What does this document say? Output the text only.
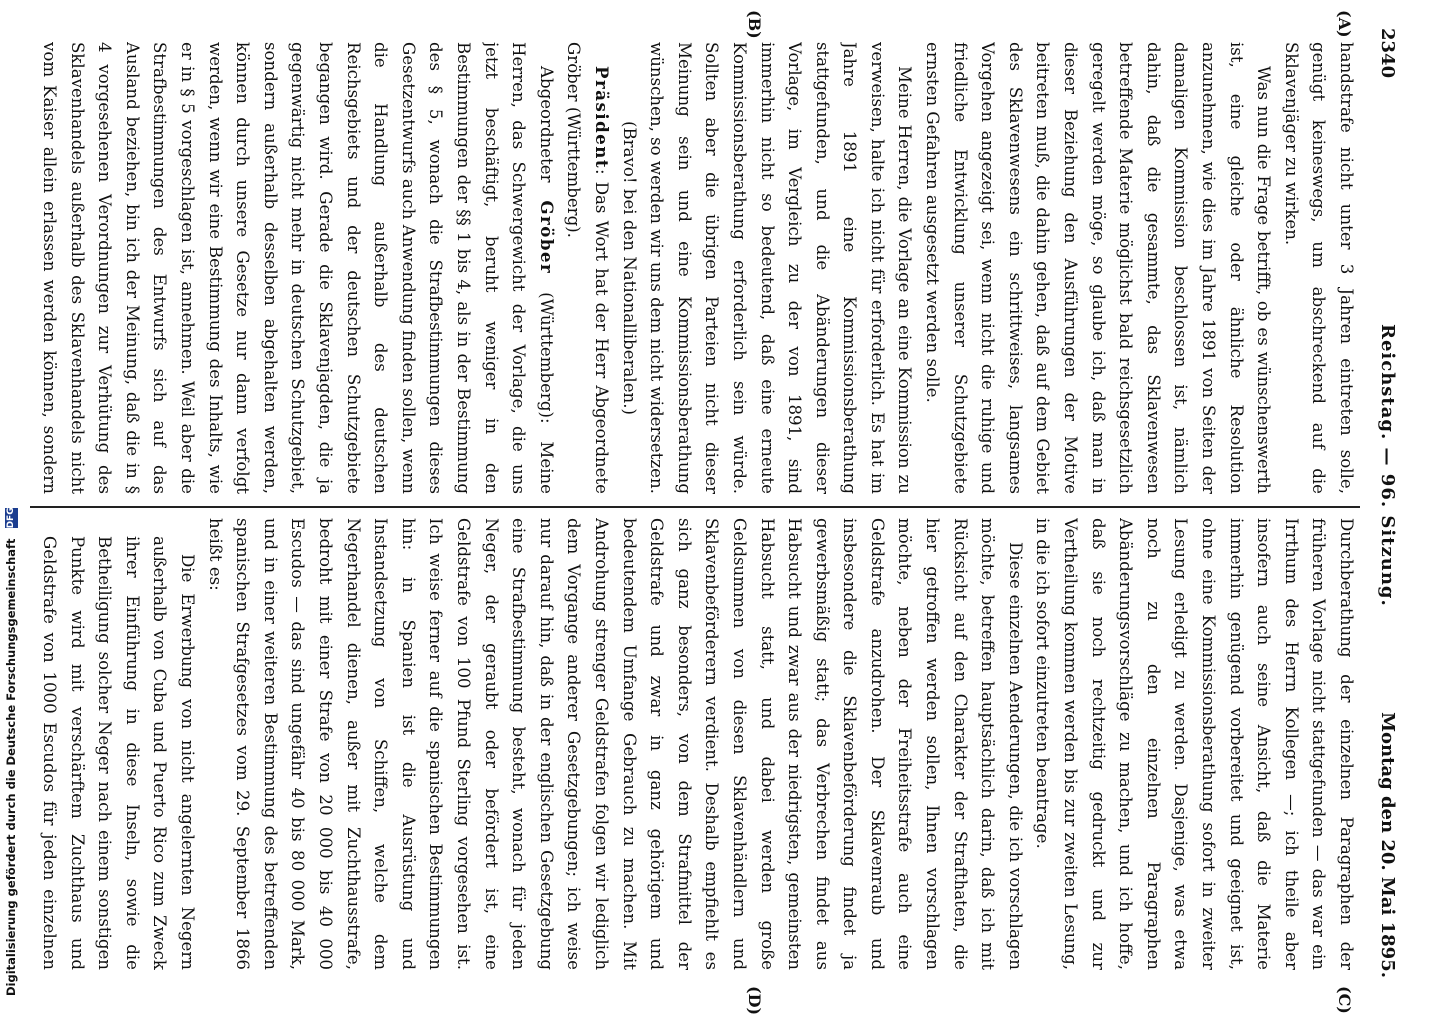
2340
Reichstag. — 96. Sitzung.
Montag den 20. Mai 1895.
(A)
(B)
(C)
(D)

handstrafe nicht unter 3 Jahren eintreten solle, genügt keineswegs, um abschreckend auf die Sklavenjäger zu wirken.

Was nun die Frage betrifft, ob es wünschenswerth ist, eine gleiche oder ähnliche Resolution anzunehmen, wie dies im Jahre 1891 von Seiten der damaligen Kommission beschlossen ist, nämlich dahin, daß die gesammte, das Sklavenwesen betreffende Materie möglichst bald reichsgesetzlich geregelt werden möge, so glaube ich, daß man in dieser Beziehung den Ausführungen der Motive beitreten muß, die dahin gehen, daß auf dem Gebiet des Sklavenwesens ein schrittweises, langsames Vorgehen angezeigt sei, wenn nicht die ruhige und friedliche Entwicklung unserer Schutzgebiete ernsten Gefahren ausgesetzt werden solle.

Meine Herren, die Vorlage an eine Kommission zu verweisen, halte ich nicht für erforderlich. Es hat im Jahre 1891 eine Kommissionsberathung stattgefunden, und die Abänderungen dieser Vorlage, im Vergleich zu der von 1891, sind immerhin nicht so bedeutend, daß eine erneute Kommissionsberathung erforderlich sein würde. Sollten aber die übrigen Parteien nicht dieser Meinung sein und eine Kommissionsberathung wünschen, so werden wir uns dem nicht widersetzen.

(Bravo! bei den Nationalliberalen.)

Präsident: Das Wort hat der Herr Abgeordnete Gröber (Württemberg).

Abgeordneter Gröber (Württemberg): Meine Herren, das Schwergewicht der Vorlage, die uns jetzt beschäftigt, beruht weniger in den Bestimmungen der §§ 1 bis 4, als in der Bestimmung des § 5, wonach die Strafbestimmungen dieses Gesetzentwurfs auch Anwendung finden sollen, wenn die Handlung außerhalb des deutschen Reichsgebiets und der deutschen Schutzgebiete begangen wird. Gerade die Sklavenjagden, die ja gegenwärtig nicht mehr in deutschen Schutzgebiet, sondern außerhalb desselben abgehalten werden, können durch unsere Gesetze nur dann verfolgt werden, wenn wir eine Bestimmung des Inhalts, wie er in § 5 vorgeschlagen ist, annehmen. Weil aber die Strafbestimmungen des Entwurfs sich auf das Ausland beziehen, bin ich der Meinung, daß die in § 4 vorgesehenen Verordnungen zur Verhütung des Sklavenhandels außerhalb des Sklavenhandels nicht vom Kaiser allein erlassen werden können, sondern

Durchberathung der einzelnen Paragraphen der früheren Vorlage nicht stattgefunden — das war ein Irrthum des Herrn Kollegen —; ich theile aber insofern auch seine Ansicht, daß die Materie immerhin genügend vorbereitet und geeignet ist, ohne eine Kommissionsberathung sofort in zweiter Lesung erledigt zu werden. Dasjenige, was etwa noch zu den einzelnen Paragraphen Abänderungsvorschläge zu machen, und ich hoffe, daß sie noch rechtzeitig gedruckt und zur Vertheilung kommen werden bis zur zweiten Lesung, in die ich sofort einzutreten beantrage.

Diese einzelnen Aenderungen, die ich vorschlagen möchte, betreffen hauptsächlich darin, daß ich mit Rücksicht auf den Charakter der Strafthaten, die hier getroffen werden sollen, Ihnen vorschlagen möchte, neben der Freiheitsstrafe auch eine Geldstrafe anzudrohen. Der Sklavenraub und insbesondere die Sklavenbeförderung findet ja gewerbsmäßig statt; das Verbrechen findet aus Habsucht und zwar aus der niedrigsten, gemeinsten Habsucht statt, und dabei werden große Geldsummen von diesen Sklavenhändlern und Sklavenbeförderern verdient. Deshalb empfiehlt es sich ganz besonders, von dem Strafmittel der Geldstrafe und zwar in ganz gehörigem und bedeutendem Umfange Gebrauch zu machen. Mit Androhung strenger Geldstrafen folgen wir lediglich dem Vorgange anderer Gesetzgebungen; ich weise nur darauf hin, daß in der englischen Gesetzgebung eine Strafbestimmung besteht, wonach für jeden Neger, der geraubt oder befördert ist, eine Geldstrafe von 100 Pfund Sterling vorgesehen ist. Ich weise ferner auf die spanischen Bestimmungen hin: in Spanien ist die Ausrüstung und Instandsetzung von Schiffen, welche dem Negerhandel dienen, außer mit Zuchthausstrafe, bedroht mit einer Strafe von 20 000 bis 40 000 Escudos — das sind ungefähr 40 bis 80 000 Mark, und in einer weiteren Bestimmung des betreffenden spanischen Strafgesetzes vom 29. September 1866 heißt es:

Die Erwerbung von nicht angelernten Negern außerhalb von Cuba und Puerto Rico zum Zweck ihrer Einführung in diese Inseln, sowie die Betheiligung solcher Neger nach einem sonstigen Punkte wird mit verschärftem Zuchthaus und Geldstrafe von 1000 Escudos für jeden einzelnen

Digitalisierung gefördert durch die Deutsche Forschungsgemeinschaft DFG
